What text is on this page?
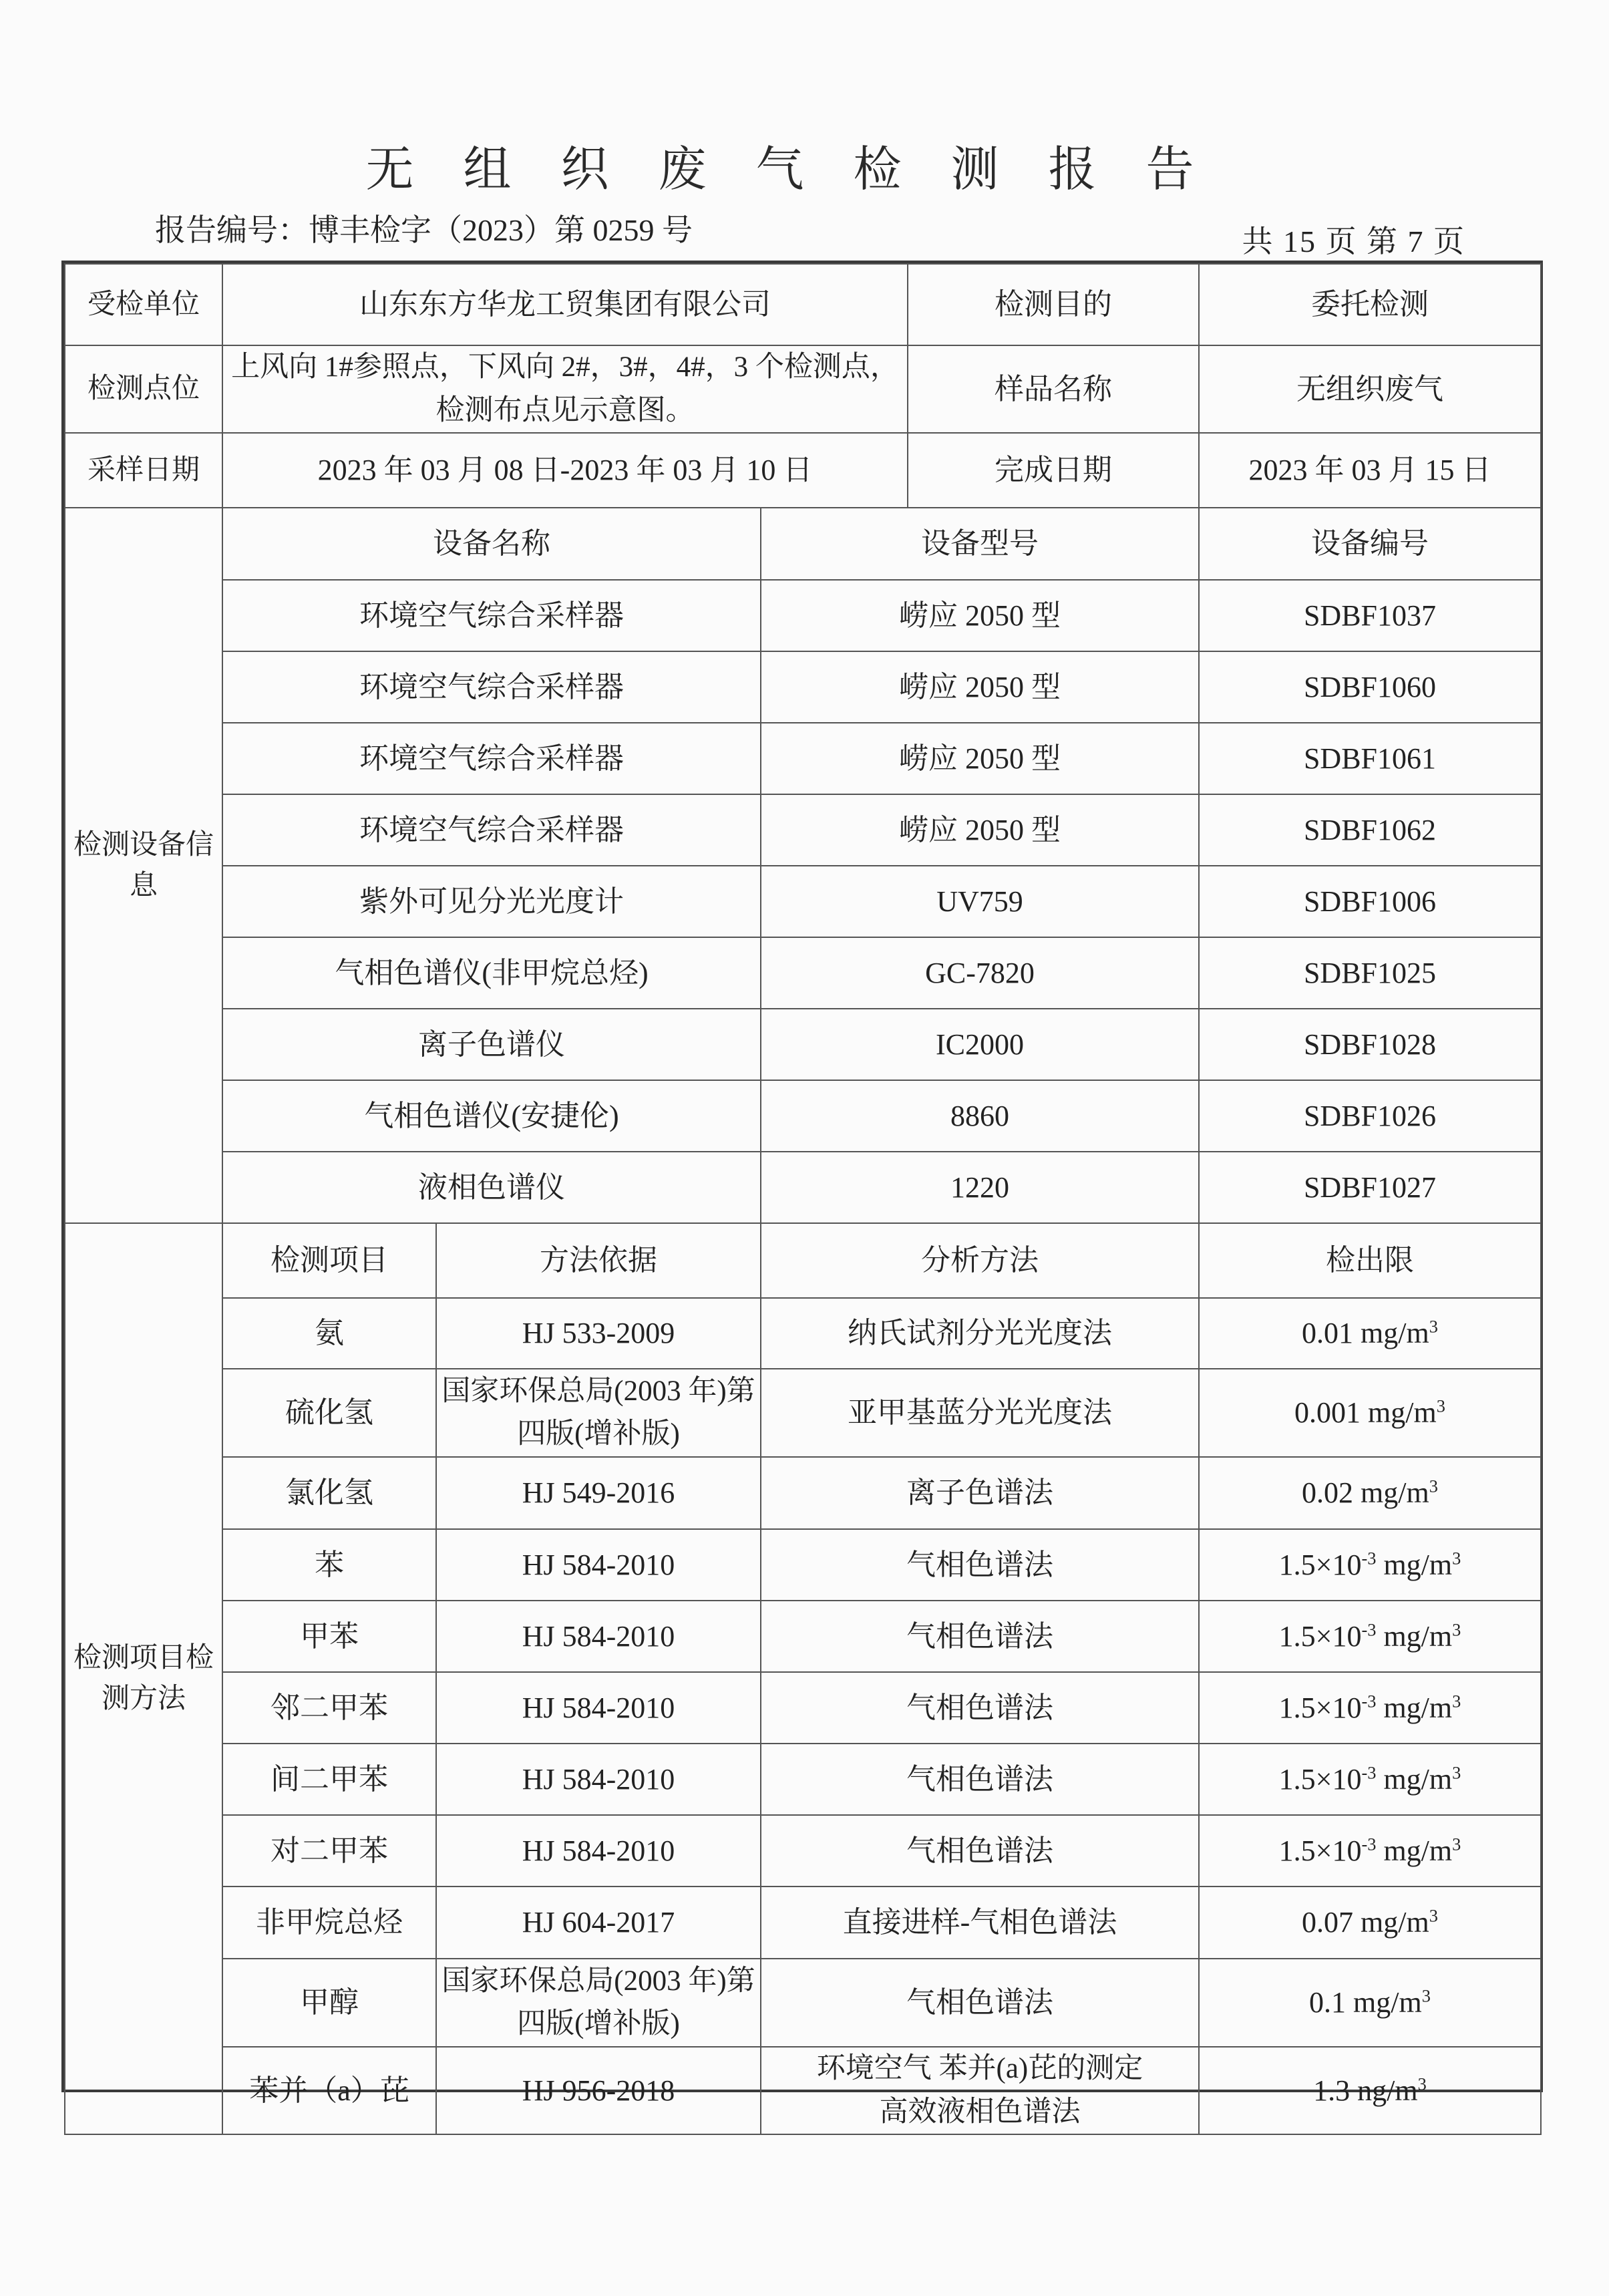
无组织废气检测报告
报告编号：博丰检字（2023）第 0259 号	共 15 页 第 7 页
受检单位	山东东方华龙工贸集团有限公司			检测目的	委托检测
检测点位	上风向 1#参照点，下风向 2#，3#，4#，3 个检测点，检测布点见示意图。			样品名称	无组织废气
采样日期	2023 年 03 月 08 日-2023 年 03 月 10 日			完成日期	2023 年 03 月 15 日
检测设备信息	设备名称		设备型号		设备编号
	环境空气综合采样器		崂应 2050 型		SDBF1037
	环境空气综合采样器		崂应 2050 型		SDBF1060
	环境空气综合采样器		崂应 2050 型		SDBF1061
	环境空气综合采样器		崂应 2050 型		SDBF1062
	紫外可见分光光度计		UV759		SDBF1006
	气相色谱仪(非甲烷总烃)		GC-7820		SDBF1025
	离子色谱仪		IC2000		SDBF1028
	气相色谱仪(安捷伦)		8860		SDBF1026
	液相色谱仪		1220		SDBF1027
检测项目检测方法	检测项目	方法依据	分析方法		检出限
	氨	HJ 533-2009	纳氏试剂分光光度法		0.01 $mg/m^3$
	硫化氢	国家环保总局(2003 年)第四版(增补版)	亚甲基蓝分光光度法		0.001 $mg/m^3$
	氯化氢	HJ 549-2016	离子色谱法		0.02 $mg/m^3$
	苯	HJ 584-2010	气相色谱法		$1.5\times 10^{-3}$ $mg/m^3$
	甲苯	HJ 584-2010	气相色谱法		$1.5\times 10^{-3}$ $mg/m^3$
	邻二甲苯	HJ 584-2010	气相色谱法		$1.5\times 10^{-3}$ $mg/m^3$
	间二甲苯	HJ 584-2010	气相色谱法		$1.5\times 10^{-3}$ $mg/m^3$
	对二甲苯	HJ 584-2010	气相色谱法		$1.5\times 10^{-3}$ $mg/m^3$
	非甲烷总烃	HJ 604-2017	直接进样-气相色谱法		0.07 $mg/m^3$
	甲醇	国家环保总局(2003 年)第四版(增补版)	气相色谱法		0.1 $mg/m^3$
	苯并（a）芘	HJ 956-2018	环境空气 苯并(a)芘的测定高效液相色谱法		1.3 $ng/m^3$
